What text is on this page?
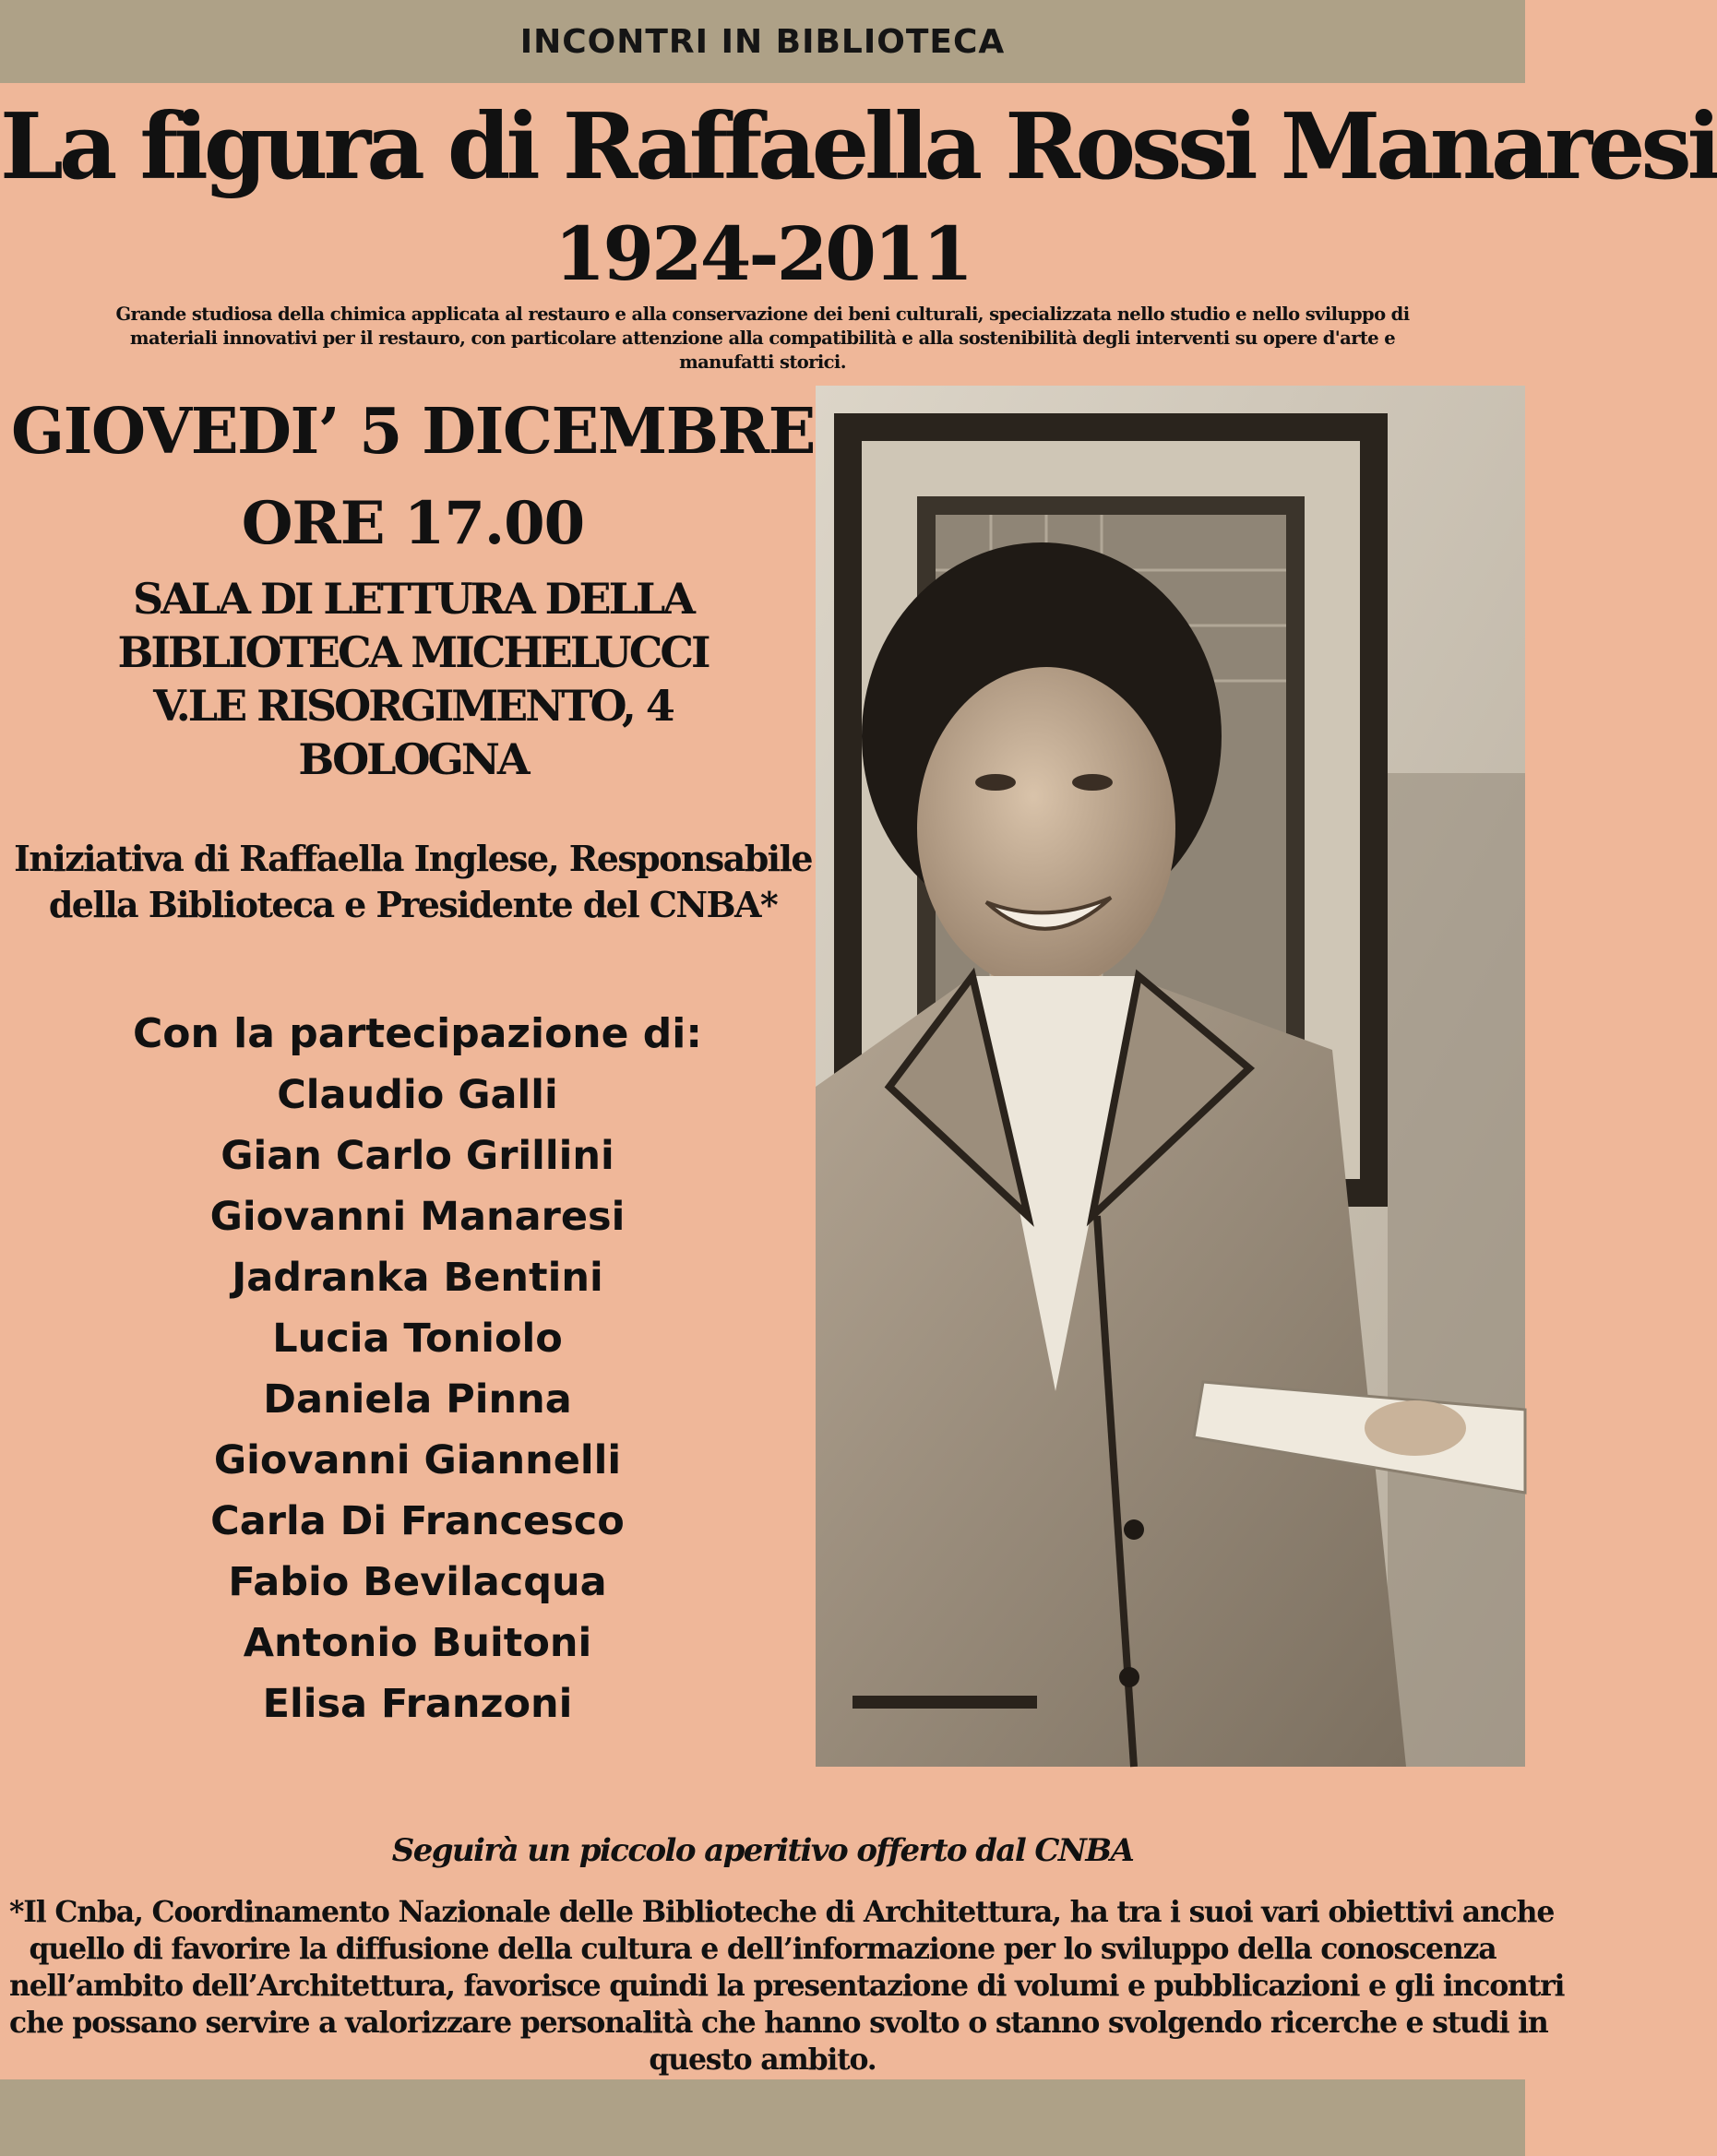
INCONTRI IN BIBLIOTECA
La figura di Raffaella Rossi Manaresi
1924-2011
Grande studiosa della chimica applicata al restauro e alla conservazione dei beni culturali, specializzata nello studio e nello sviluppo di
materiali innovativi per il restauro, con particolare attenzione alla compatibilità e alla sostenibilità degli interventi su opere d'arte e
manufatti storici.
GIOVEDI’ 5 DICEMBRE
ORE 17.00
SALA DI LETTURA DELLA
BIBLIOTECA MICHELUCCI
V.LE RISORGIMENTO, 4
BOLOGNA
Iniziativa di Raffaella Inglese, Responsabile
della Biblioteca e Presidente del CNBA*
Con la partecipazione di:
Claudio Galli
Gian Carlo Grillini
Giovanni Manaresi
Jadranka Bentini
Lucia Toniolo
Daniela Pinna
Giovanni Giannelli
Carla Di Francesco
Fabio Bevilacqua
Antonio Buitoni
Elisa Franzoni
Seguirà un piccolo aperitivo offerto dal CNBA
*Il Cnba, Coordinamento Nazionale delle Biblioteche di Architettura, ha tra i suoi vari obiettivi anche
quello di favorire la diffusione della cultura e dell’informazione per lo sviluppo della conoscenza
nell’ambito dell’Architettura, favorisce quindi la presentazione di volumi e pubblicazioni e gli incontri
che possano servire a valorizzare personalità che hanno svolto o stanno svolgendo ricerche e studi in
questo ambito.
